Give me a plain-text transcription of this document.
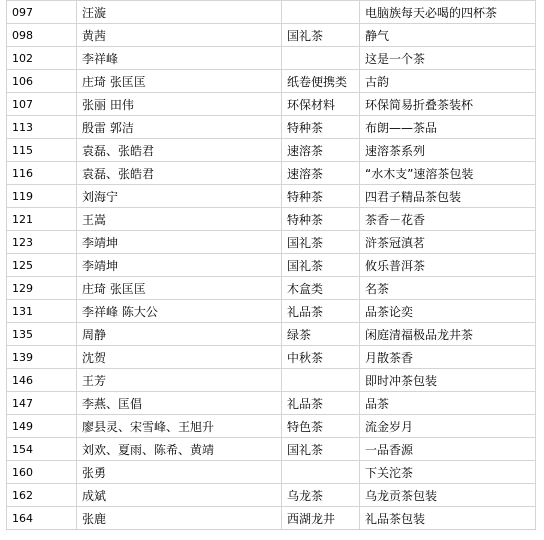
097	汪漩		电脑族每天必喝的四杯茶
098	黄茜	国礼茶	静气
102	李祥峰		这是一个茶
106	庄琦 张匡匡	纸卷便携类	古韵
107	张丽 田伟	环保材料	环保简易折叠茶装杯
113	殷雷 郭洁	特种茶	布朗——茶品
115	袁磊、张皓君	速溶茶	速溶茶系列
116	袁磊、张皓君	速溶茶	“水木支”速溶茶包装
119	刘海宁	特种茶	四君子精品茶包装
121	王嵩	特种茶	茶香－花香
123	李靖坤	国礼茶	浒茶冠滇茗
125	李靖坤	国礼茶	攸乐普洱茶
129	庄琦 张匡匡	木盒类	名茶
131	李祥峰 陈大公	礼品茶	品茶论奕
135	周静	绿茶	闲庭清福极品龙井茶
139	沈贺	中秋茶	月散茶香
146	王芳		即时冲茶包装
147	李燕、匡倡	礼品茶	品茶
149	廖县灵、宋雪峰、王旭升	特色茶	流金岁月
154	刘欢、夏雨、陈希、黄靖	国礼茶	一品香源
160	张勇		下关沱茶
162	成斌	乌龙茶	乌龙贡茶包装
164	张鹿	西湖龙井	礼品茶包装
